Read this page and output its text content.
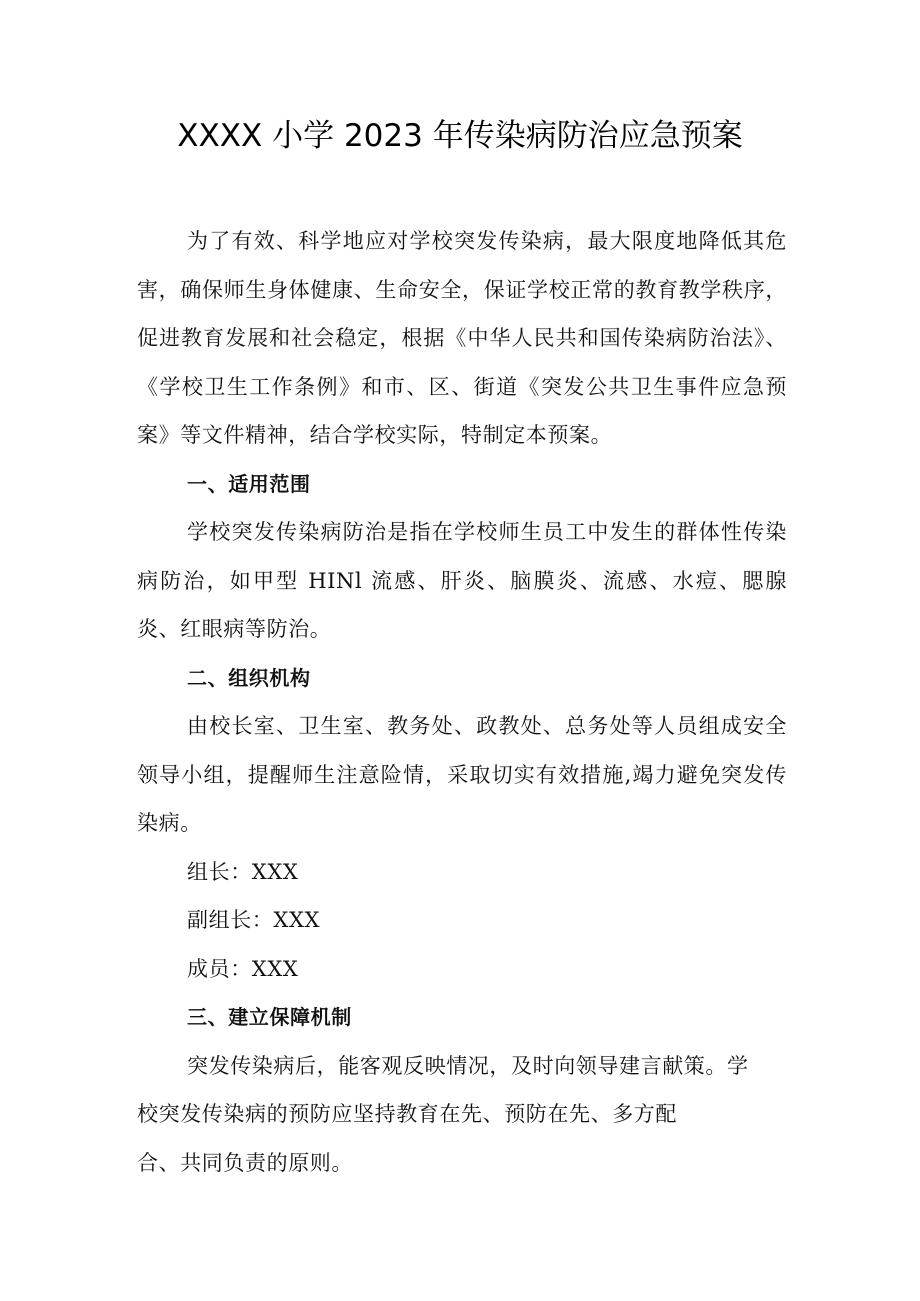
XXXX 小学 2023 年传染病防治应急预案

为了有效、科学地应对学校突发传染病，最大限度地降低其危害，确保师生身体健康、生命安全，保证学校正常的教育教学秩序，促进教育发展和社会稳定，根据《中华人民共和国传染病防治法》、《学校卫生工作条例》和市、区、街道《突发公共卫生事件应急预案》等文件精神，结合学校实际，特制定本预案。

一、适用范围

学校突发传染病防治是指在学校师生员工中发生的群体性传染病防治，如甲型 HINl 流感、肝炎、脑膜炎、流感、水痘、腮腺炎、红眼病等防治。

二、组织机构

由校长室、卫生室、教务处、政教处、总务处等人员组成安全领导小组，提醒师生注意险情，采取切实有效措施,竭力避免突发传染病。

组长：XXX

副组长：XXX

成员：XXX

三、建立保障机制

突发传染病后，能客观反映情况，及时向领导建言献策。学
校突发传染病的预防应坚持教育在先、预防在先、多方配
合、共同负责的原则。
